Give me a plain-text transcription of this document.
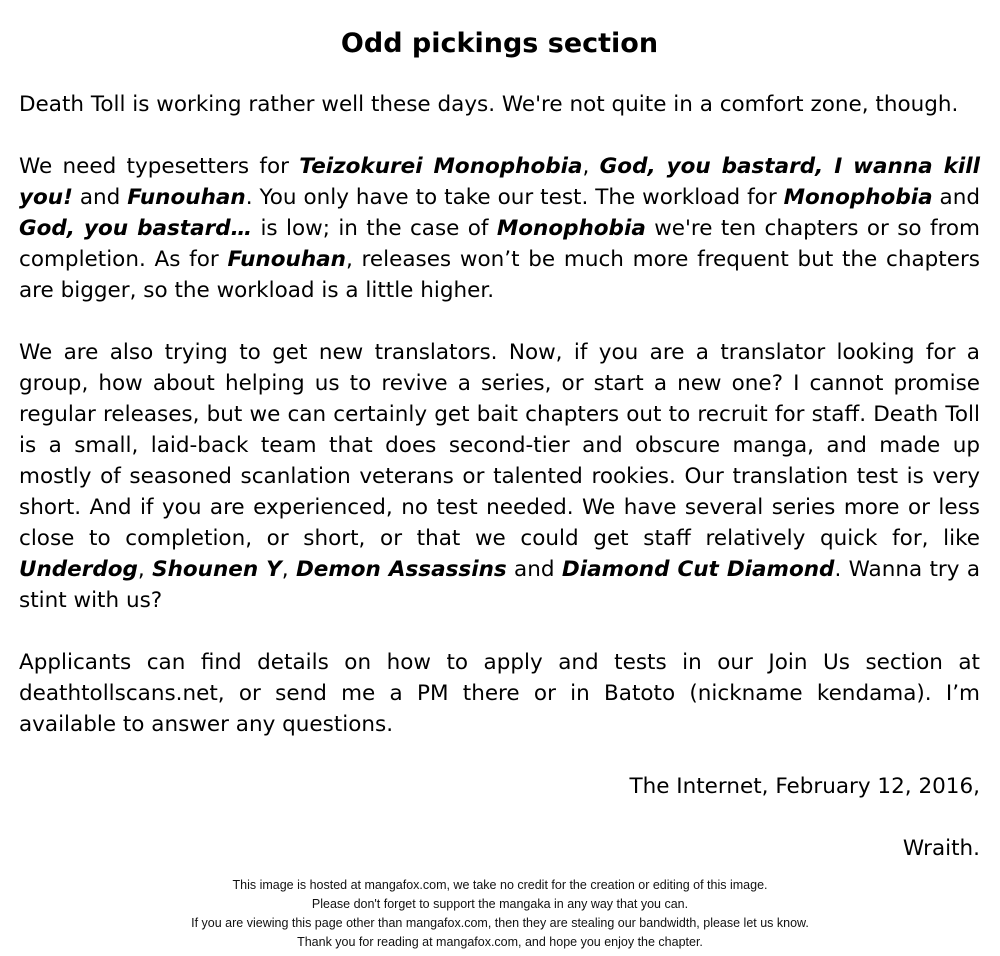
Odd pickings section

Death Toll is working rather well these days. We're not quite in a comfort zone, though.

We need typesetters for Teizokurei Monophobia, God, you bastard, I wanna kill you! and Funouhan. You only have to take our test. The workload for Monophobia and God, you bastard… is low; in the case of Monophobia we're ten chapters or so from completion. As for Funouhan, releases won’t be much more frequent but the chapters are bigger, so the workload is a little higher.

We are also trying to get new translators. Now, if you are a translator looking for a group, how about helping us to revive a series, or start a new one? I cannot promise regular releases, but we can certainly get bait chapters out to recruit for staff. Death Toll is a small, laid-back team that does second-tier and obscure manga, and made up mostly of seasoned scanlation veterans or talented rookies. Our translation test is very short. And if you are experienced, no test needed. We have several series more or less close to completion, or short, or that we could get staff relatively quick for, like Underdog, Shounen Y, Demon Assassins and Diamond Cut Diamond. Wanna try a stint with us?

Applicants can find details on how to apply and tests in our Join Us section at deathtollscans.net, or send me a PM there or in Batoto (nickname kendama). I’m available to answer any questions.

The Internet, February 12, 2016,

Wraith.

This image is hosted at mangafox.com, we take no credit for the creation or editing of this image.
Please don't forget to support the mangaka in any way that you can.
If you are viewing this page other than mangafox.com, then they are stealing our bandwidth, please let us know.
Thank you for reading at mangafox.com, and hope you enjoy the chapter.
